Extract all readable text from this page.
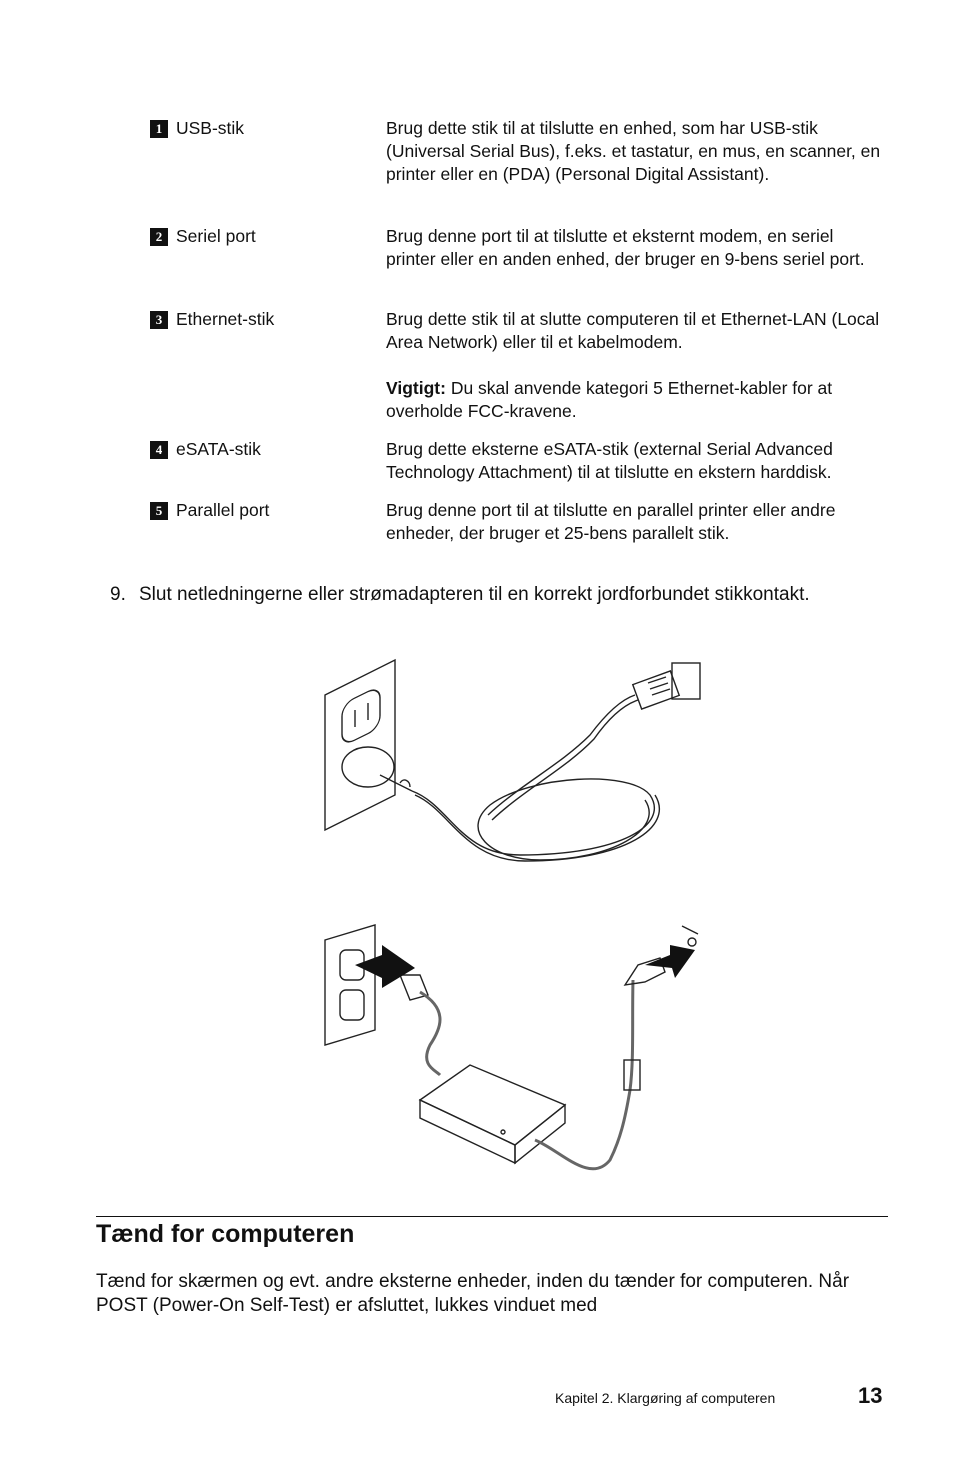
1 USB-stik	Brug dette stik til at tilslutte en enhed, som har USB-stik (Universal Serial Bus), f.eks. et tastatur, en mus, en scanner, en printer eller en (PDA) (Personal Digital Assistant).

2 Seriel port	Brug denne port til at tilslutte et eksternt modem, en seriel printer eller en anden enhed, der bruger en 9-bens seriel port.

3 Ethernet-stik	Brug dette stik til at slutte computeren til et Ethernet-LAN (Local Area Network) eller til et kabelmodem.

Vigtigt: Du skal anvende kategori 5 Ethernet-kabler for at overholde FCC-kravene.

4 eSATA-stik	Brug dette eksterne eSATA-stik (external Serial Advanced Technology Attachment) til at tilslutte en ekstern harddisk.

5 Parallel port	Brug denne port til at tilslutte en parallel printer eller andre enheder, der bruger et 25-bens parallelt stik.

9. Slut netledningerne eller strømadapteren til en korrekt jordforbundet stikkontakt.
Tænd for computeren
Tænd for skærmen og evt. andre eksterne enheder, inden du tænder for computeren. Når POST (Power-On Self-Test) er afsluttet, lukkes vinduet med
Kapitel 2. Klargøring af computeren	13
